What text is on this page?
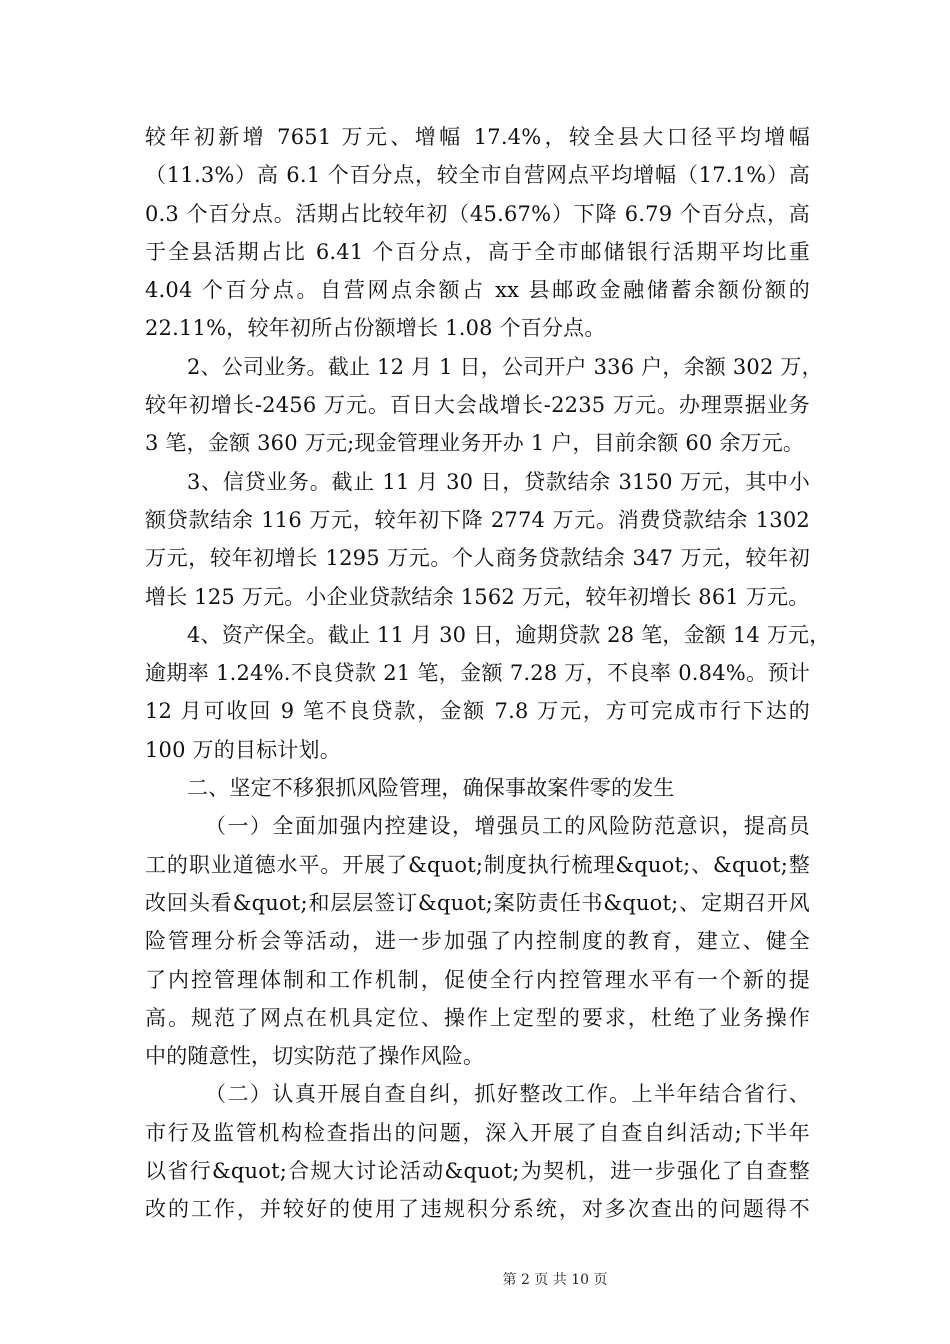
较年初新增 7651 万元、增幅 17.4%，较全县大口径平均增幅
（11.3%）高 6.1 个百分点，较全市自营网点平均增幅（17.1%）高
0.3 个百分点。活期占比较年初（45.67%）下降 6.79 个百分点，高
于全县活期占比 6.41 个百分点，高于全市邮储银行活期平均比重
4.04 个百分点。自营网点余额占 xx 县邮政金融储蓄余额份额的
22.11%，较年初所占份额增长 1.08 个百分点。
2、公司业务。截止 12 月 1 日，公司开户 336 户，余额 302 万，
较年初增长-2456 万元。百日大会战增长-2235 万元。办理票据业务
3 笔，金额 360 万元;现金管理业务开办 1 户，目前余额 60 余万元。
3、信贷业务。截止 11 月 30 日，贷款结余 3150 万元，其中小
额贷款结余 116 万元，较年初下降 2774 万元。消费贷款结余 1302
万元，较年初增长 1295 万元。个人商务贷款结余 347 万元，较年初
增长 125 万元。小企业贷款结余 1562 万元，较年初增长 861 万元。
4、资产保全。截止 11 月 30 日，逾期贷款 28 笔，金额 14 万元，
逾期率 1.24%.不良贷款 21 笔，金额 7.28 万，不良率 0.84%。预计
12 月可收回 9 笔不良贷款，金额 7.8 万元，方可完成市行下达的
100 万的目标计划。
二、坚定不移狠抓风险管理，确保事故案件零的发生
（一）全面加强内控建设，增强员工的风险防范意识，提高员
工的职业道德水平。开展了&quot;制度执行梳理&quot;、&quot;整
改回头看&quot;和层层签订&quot;案防责任书&quot;、定期召开风
险管理分析会等活动，进一步加强了内控制度的教育，建立、健全
了内控管理体制和工作机制，促使全行内控管理水平有一个新的提
高。规范了网点在机具定位、操作上定型的要求，杜绝了业务操作
中的随意性，切实防范了操作风险。
（二）认真开展自查自纠，抓好整改工作。上半年结合省行、
市行及监管机构检查指出的问题，深入开展了自查自纠活动;下半年
以省行&quot;合规大讨论活动&quot;为契机，进一步强化了自查整
改的工作，并较好的使用了违规积分系统，对多次查出的问题得不
第 2 页 共 10 页
